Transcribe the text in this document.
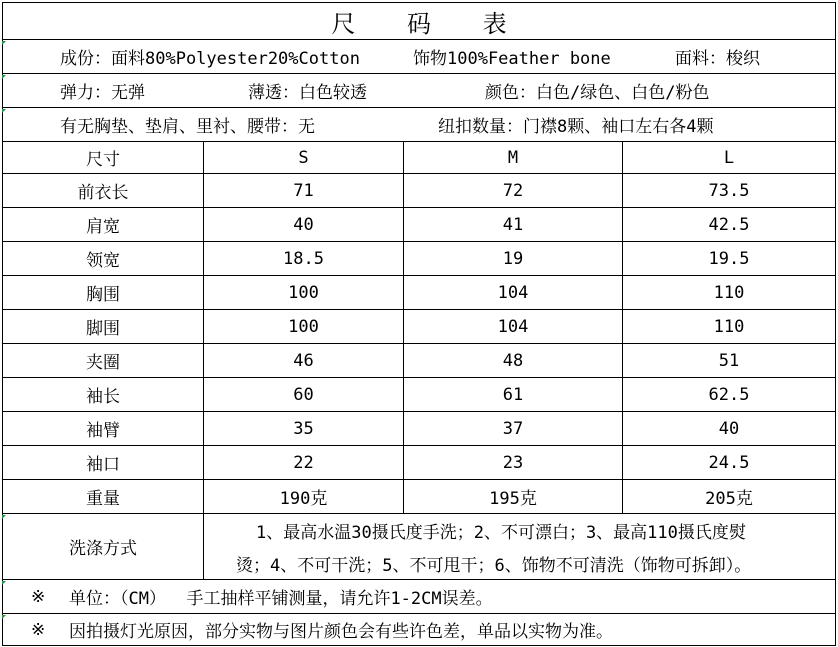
尺 码 表
成份：面料80%Polyester20%Cotton	饰物100%Feather bone	面料：梭织
弹力：无弹	薄透：白色较透	颜色：白色/绿色、白色/粉色
有无胸垫、垫肩、里衬、腰带：无	纽扣数量：门襟8颗、袖口左右各4颗
尺寸	S	M	L
前衣长	71	72	73.5
肩宽	40	41	42.5
领宽	18.5	19	19.5
胸围	100	104	110
脚围	100	104	110
夹圈	46	48	51
袖长	60	61	62.5
袖臂	35	37	40
袖口	22	23	24.5
重量	190克	195克	205克
洗涤方式
1、最高水温30摄氏度手洗；2、不可漂白；3、最高110摄氏度熨
烫；4、不可干洗；5、不可甩干；6、饰物不可清洗（饰物可拆卸）。
※ 单位：（CM）  手工抽样平铺测量，请允许1-2CM误差。
※ 因拍摄灯光原因，部分实物与图片颜色会有些许色差，单品以实物为准。
